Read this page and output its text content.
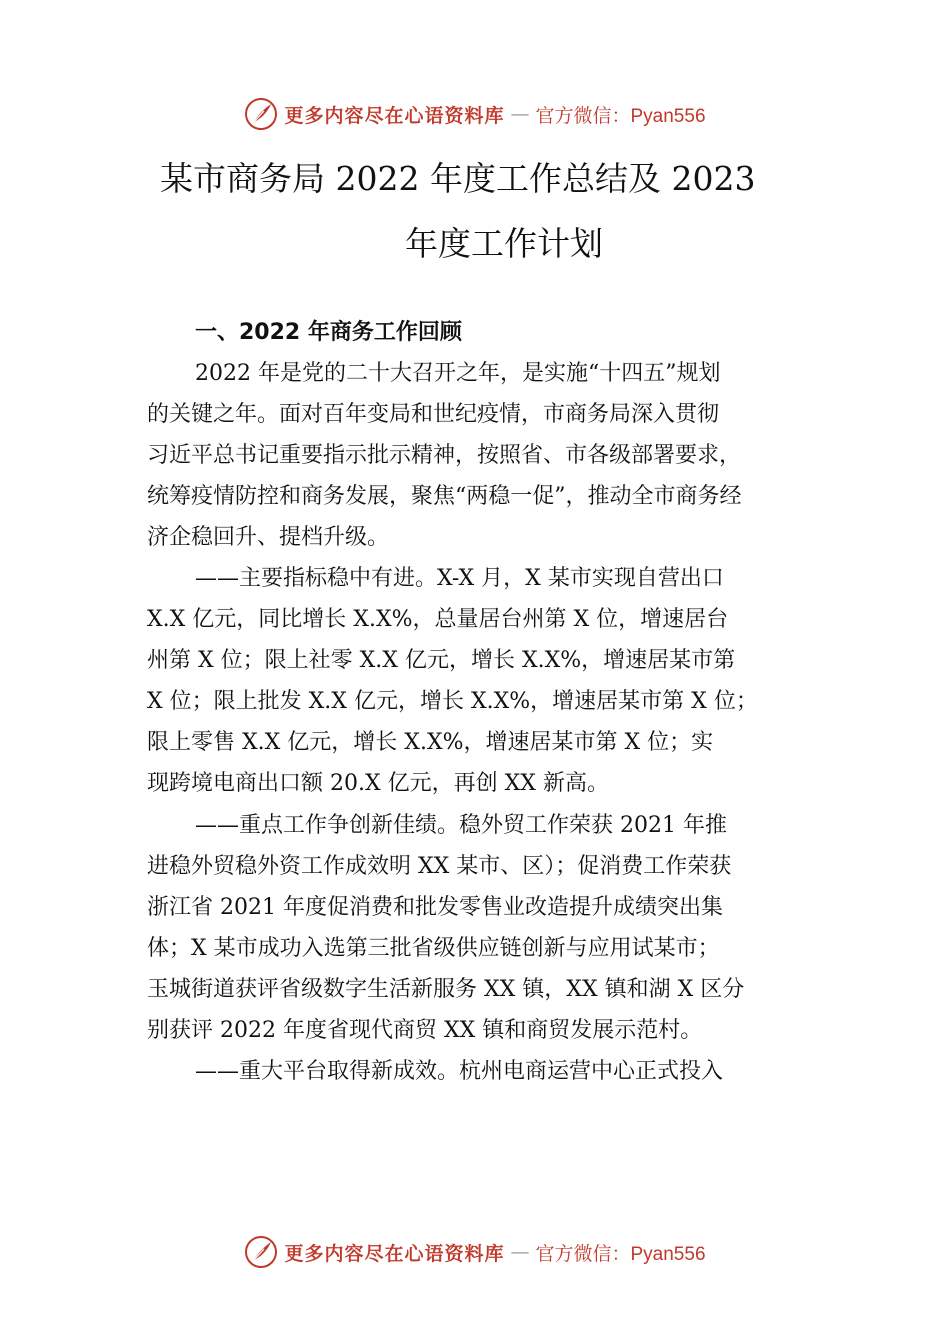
更多内容尽在心语资料库 — 官方微信：Pyan556
某市商务局 2022 年度工作总结及 2023
年度工作计划
一、2022 年商务工作回顾
2022 年是党的二十大召开之年，是实施“十四五”规划
的关键之年。面对百年变局和世纪疫情，市商务局深入贯彻
习近平总书记重要指示批示精神，按照省、市各级部署要求，
统筹疫情防控和商务发展，聚焦“两稳一促”，推动全市商务经
济企稳回升、提档升级。
——主要指标稳中有进。X-X 月，X 某市实现自营出口
X.X 亿元，同比增长 X.X%，总量居台州第 X 位，增速居台
州第 X 位；限上社零 X.X 亿元，增长 X.X%，增速居某市第
X 位；限上批发 X.X 亿元，增长 X.X%，增速居某市第 X 位；
限上零售 X.X 亿元，增长 X.X%，增速居某市第 X 位；实
现跨境电商出口额 20.X 亿元，再创 XX 新高。
——重点工作争创新佳绩。稳外贸工作荣获 2021 年推
进稳外贸稳外资工作成效明 XX 某市、区）；促消费工作荣获
浙江省 2021 年度促消费和批发零售业改造提升成绩突出集
体；X 某市成功入选第三批省级供应链创新与应用试某市；
玉城街道获评省级数字生活新服务 XX 镇，XX 镇和湖 X 区分
别获评 2022 年度省现代商贸 XX 镇和商贸发展示范村。
——重大平台取得新成效。杭州电商运营中心正式投入
更多内容尽在心语资料库 — 官方微信：Pyan556
